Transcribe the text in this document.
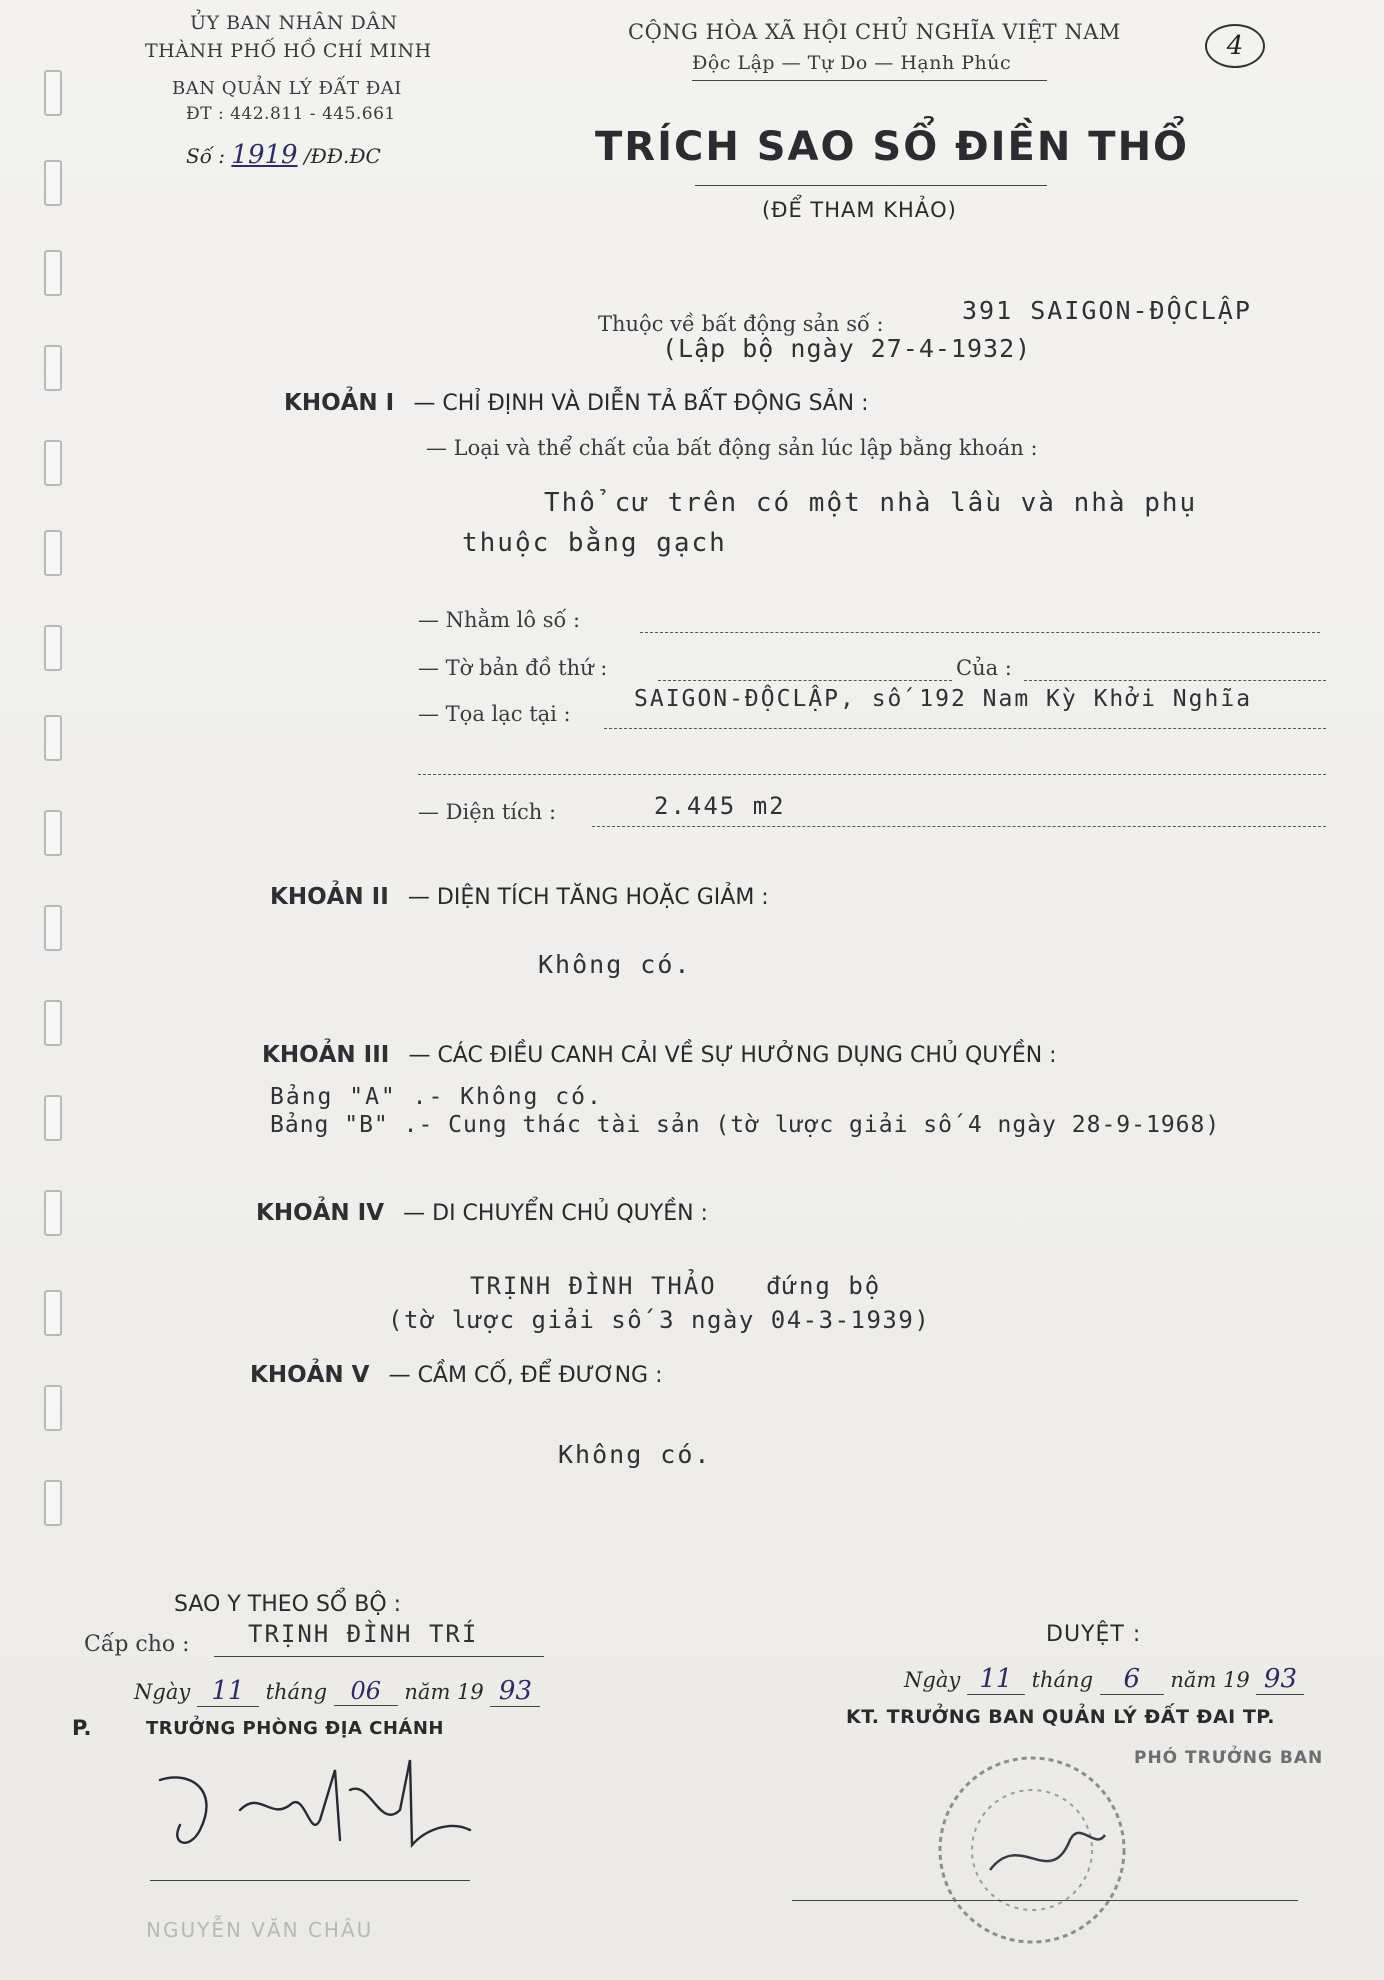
ỦY BAN NHÂN DÂN
THÀNH PHỐ HỒ CHÍ MINH
BAN QUẢN LÝ ĐẤT ĐAI
ĐT : 442.811 - 445.661
Số : 1919 /ĐĐ.ĐC
CỘNG HÒA XÃ HỘI CHỦ NGHĨA VIỆT NAM
Độc Lập — Tự Do — Hạnh Phúc
4
TRÍCH SAO SỔ ĐIỀN THỔ
(ĐỂ THAM KHẢO)
Thuộc về bất động sản số :	391 SAIGON-ĐỘCLẬP
(Lập bộ ngày 27-4-1932)
KHOẢN I — CHỈ ĐỊNH VÀ DIỄN TẢ BẤT ĐỘNG SẢN :
— Loại và thể chất của bất động sản lúc lập bằng khoán :
Thổ cư trên có một nhà lầu và nhà phụ
thuộc bằng gạch
— Nhằm lô số :
— Tờ bản đồ thứ :	Của :
— Tọa lạc tại :
SAIGON-ĐỘCLẬP, số 192 Nam Kỳ Khởi Nghĩa
— Diện tích :	2.445 m2
KHOẢN II — DIỆN TÍCH TĂNG HOẶC GIẢM :
Không có.
KHOẢN III — CÁC ĐIỀU CANH CẢI VỀ SỰ HƯỞNG DỤNG CHỦ QUYỀN :
Bảng "A" .- Không có.
Bảng "B" .- Cung thác tài sản (tờ lược giải số 4 ngày 28-9-1968)
KHOẢN IV — DI CHUYỂN CHỦ QUYỀN :
TRỊNH ĐÌNH THẢO   đứng bộ
(tờ lược giải số 3 ngày 04-3-1939)
KHOẢN V — CẦM CỐ, ĐỂ ĐƯƠNG :
Không có.
SAO Y THEO SỔ BỘ :
Cấp cho : TRỊNH ĐÌNH TRÍ
Ngày 11 tháng 06 năm 19 93
P.	TRƯỞNG PHÒNG ĐỊA CHÁNH
NGUYỄN VĂN CHÂU
DUYỆT :
Ngày 11 tháng 6 năm 19 93
KT. TRƯỞNG BAN QUẢN LÝ ĐẤT ĐAI TP.
PHÓ TRƯỞNG BAN
